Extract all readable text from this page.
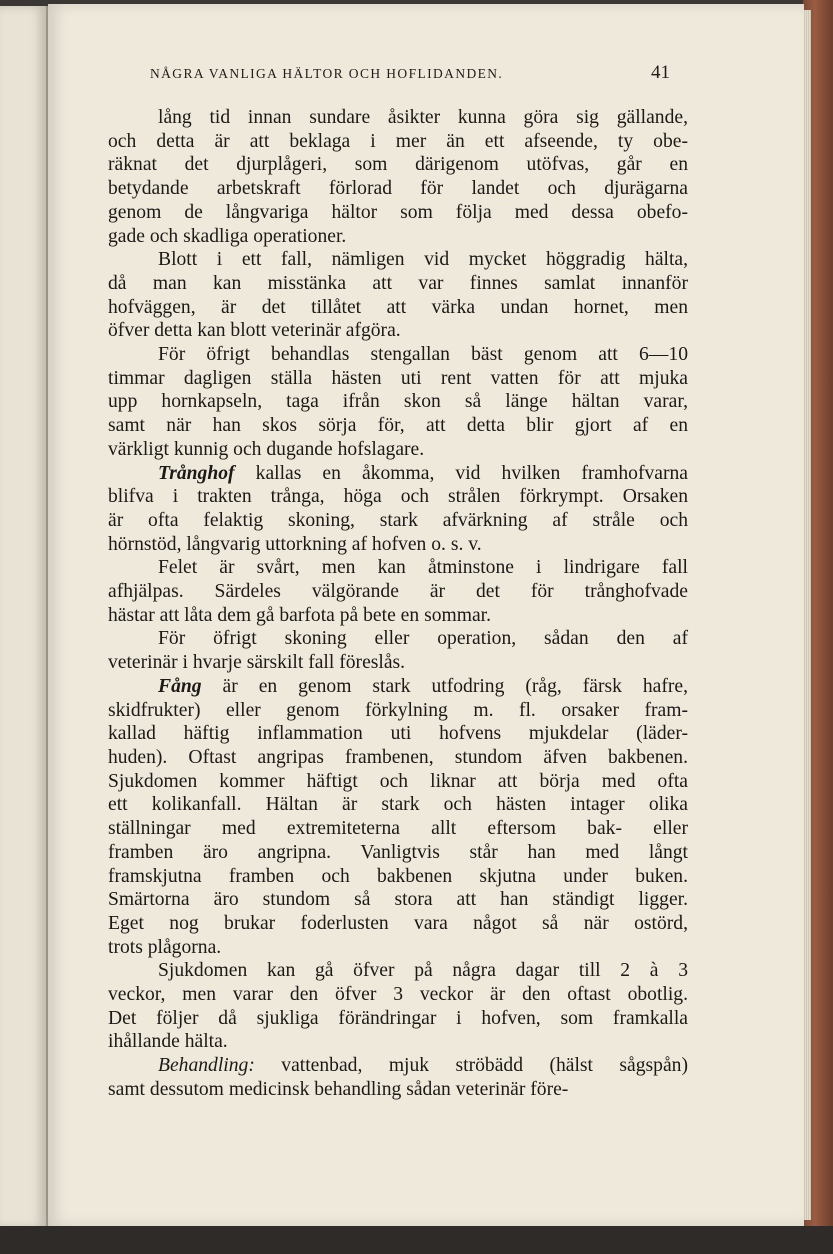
NÅGRA VANLIGA HÄLTOR OCH HOFLIDANDEN.	41

lång tid innan sundare åsikter kunna göra sig gällande,

och detta är att beklaga i mer än ett afseende, ty obe-

räknat det djurplågeri, som därigenom utöfvas, går en

betydande arbetskraft förlorad för landet och djurägarna

genom de långvariga hältor som följa med dessa obefo-

gade och skadliga operationer.

Blott i ett fall, nämligen vid mycket höggradig hälta,

då man kan misstänka att var finnes samlat innanför

hofväggen, är det tillåtet att värka undan hornet, men

öfver detta kan blott veterinär afgöra.

För öfrigt behandlas stengallan bäst genom att 6—10

timmar dagligen ställa hästen uti rent vatten för att mjuka

upp hornkapseln, taga ifrån skon så länge hältan varar,

samt när han skos sörja för, att detta blir gjort af en

värkligt kunnig och dugande hofslagare.

Trånghof kallas en åkomma, vid hvilken framhofvarna

blifva i trakten trånga, höga och strålen förkrympt. Orsaken

är ofta felaktig skoning, stark afvärkning af stråle och

hörnstöd, långvarig uttorkning af hofven o. s. v.

Felet är svårt, men kan åtminstone i lindrigare fall

afhjälpas. Särdeles välgörande är det för trånghofvade

hästar att låta dem gå barfota på bete en sommar.

För öfrigt skoning eller operation, sådan den af

veterinär i hvarje särskilt fall föreslås.

Fång är en genom stark utfodring (råg, färsk hafre,

skidfrukter) eller genom förkylning m. fl. orsaker fram-

kallad häftig inflammation uti hofvens mjukdelar (läder-

huden). Oftast angripas frambenen, stundom äfven bakbenen.

Sjukdomen kommer häftigt och liknar att börja med ofta

ett kolikanfall. Hältan är stark och hästen intager olika

ställningar med extremiteterna allt eftersom bak- eller

framben äro angripna. Vanligtvis står han med långt

framskjutna framben och bakbenen skjutna under buken.

Smärtorna äro stundom så stora att han ständigt ligger.

Eget nog brukar foderlusten vara något så när ostörd,

trots plågorna.

Sjukdomen kan gå öfver på några dagar till 2 à 3

veckor, men varar den öfver 3 veckor är den oftast obotlig.

Det följer då sjukliga förändringar i hofven, som framkalla

ihållande hälta.

Behandling: vattenbad, mjuk ströbädd (hälst sågspån)

samt dessutom medicinsk behandling sådan veterinär före-
